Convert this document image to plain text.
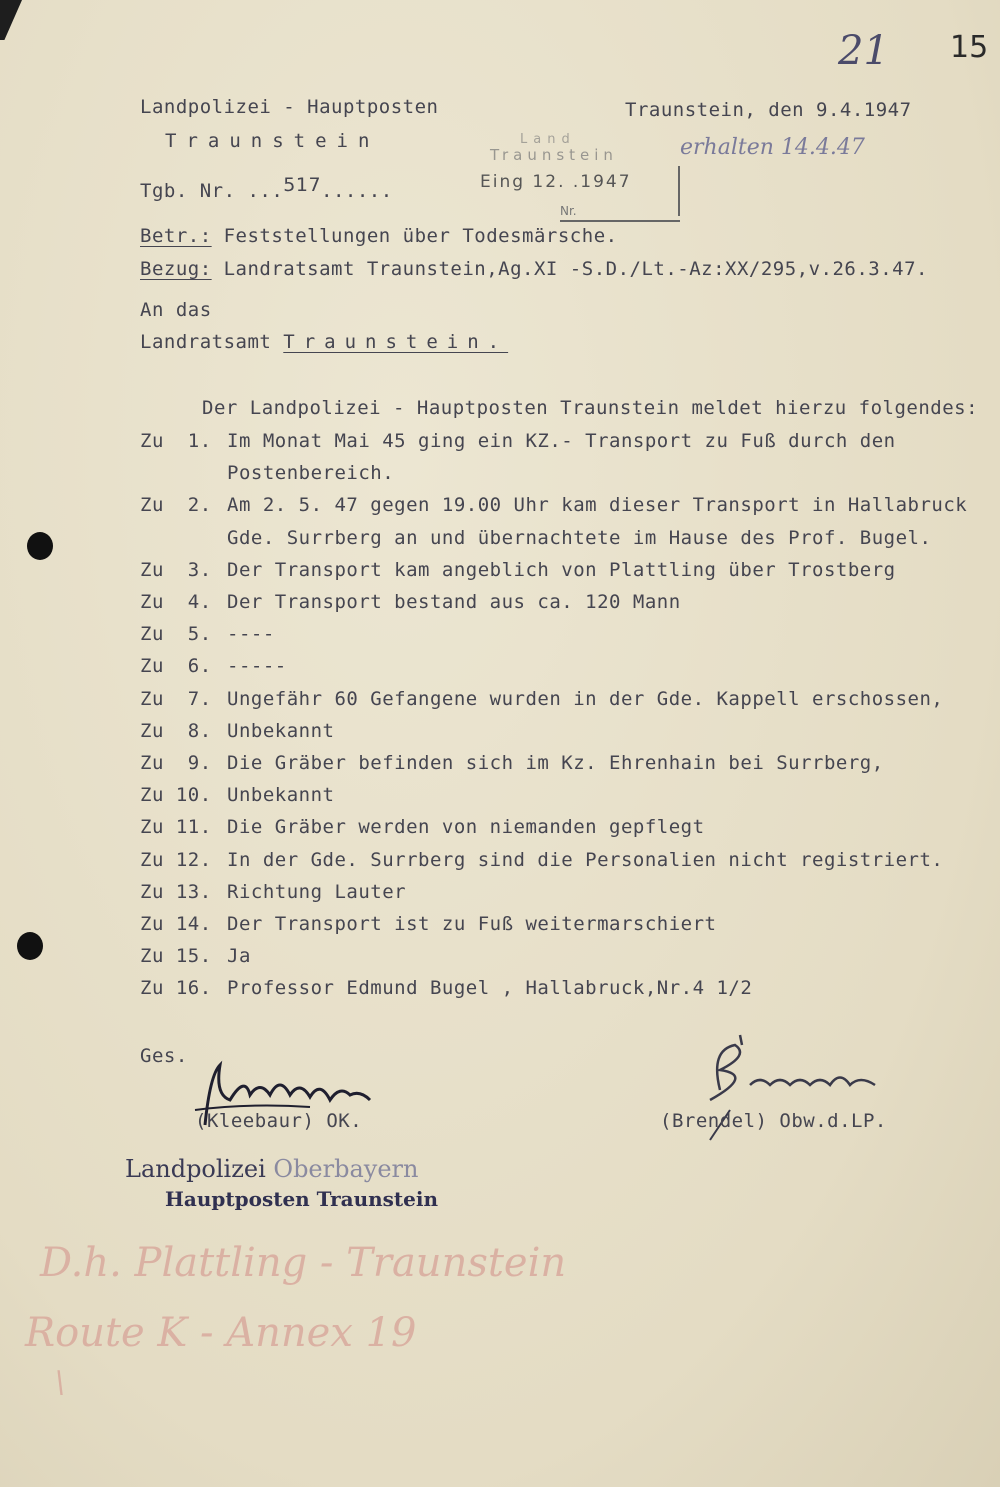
21 15
Landpolizei - Hauptposten
Traunstein
Traunstein, den 9.4.1947
erhalten 14.4.47
Tgb. Nr. ...517......
Land
Traunstein
Eing 12. .1947
Nr.
Betr.: Feststellungen über Todesmärsche.
Bezug: Landratsamt Traunstein,Ag.XI -S.D./Lt.-Az:XX/295,v.26.3.47.
An das
Landratsamt Traunstein.
Der Landpolizei - Hauptposten Traunstein meldet hierzu folgendes:
Zu  1. Im Monat Mai 45 ging ein KZ.- Transport zu Fuß durch den
Postenbereich.
Zu  2. Am 2. 5. 47 gegen 19.00 Uhr kam dieser Transport in Hallabruck
Gde. Surrberg an und übernachtete im Hause des Prof. Bugel.
Zu  3. Der Transport kam angeblich von Plattling über Trostberg
Zu  4. Der Transport bestand aus ca. 120 Mann
Zu  5. ----
Zu  6. -----
Zu  7. Ungefähr 60 Gefangene wurden in der Gde. Kappell erschossen,
Zu  8. Unbekannt
Zu  9. Die Gräber befinden sich im Kz. Ehrenhain bei Surrberg,
Zu 10. Unbekannt
Zu 11. Die Gräber werden von niemanden gepflegt
Zu 12. In der Gde. Surrberg sind die Personalien nicht registriert.
Zu 13. Richtung Lauter
Zu 14. Der Transport ist zu Fuß weitermarschiert
Zu 15. Ja
Zu 16. Professor Edmund Bugel , Hallabruck,Nr.4 1/2
Ges.
(Kleebaur) OK.	(Brendel) Obw.d.LP.
Landpolizei Oberbayern
Hauptposten Traunstein
D.h. Plattling - Traunstein
Route K - Annex 19
\
